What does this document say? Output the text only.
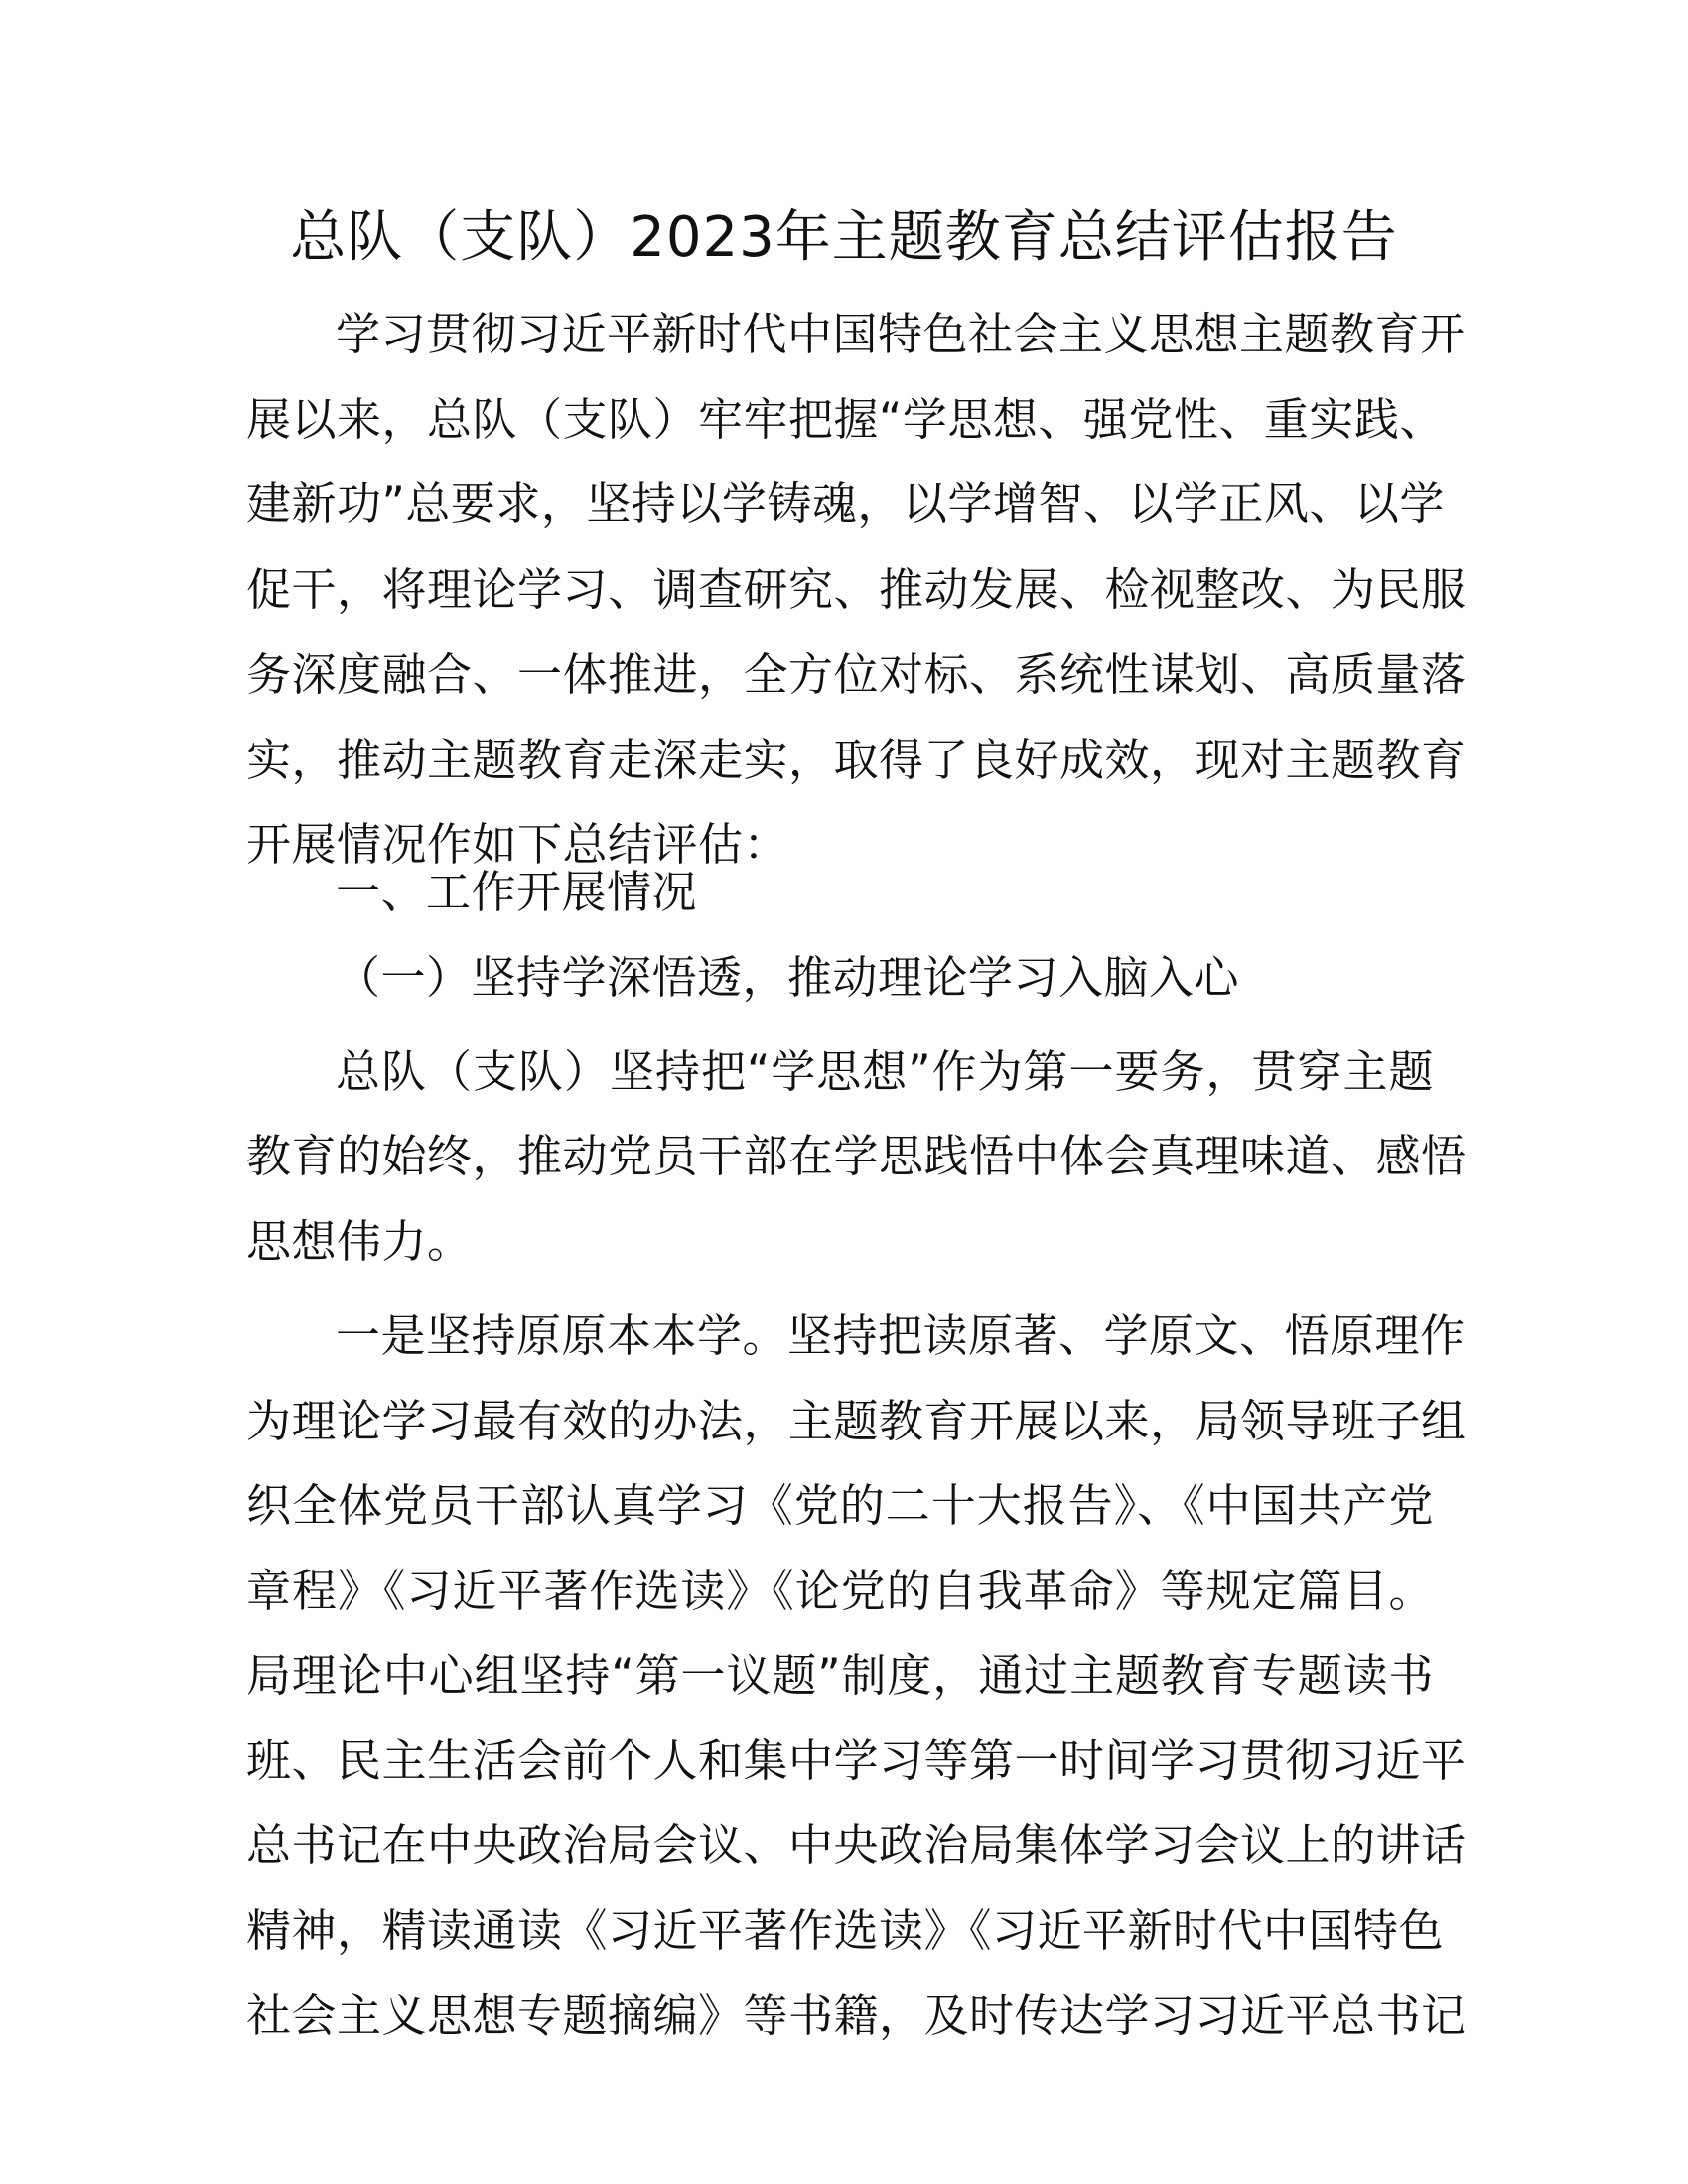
总队（支队）2023年主题教育总结评估报告
学习贯彻习近平新时代中国特色社会主义思想主题教育开
展以来，总队（支队）牢牢把握“学思想、强党性、重实践、
建新功”总要求，坚持以学铸魂，以学增智、以学正风、以学
促干，将理论学习、调查研究、推动发展、检视整改、为民服
务深度融合、一体推进，全方位对标、系统性谋划、高质量落
实，推动主题教育走深走实，取得了良好成效，现对主题教育
开展情况作如下总结评估：
一、工作开展情况
（一）坚持学深悟透，推动理论学习入脑入心
总队（支队）坚持把“学思想”作为第一要务，贯穿主题
教育的始终，推动党员干部在学思践悟中体会真理味道、感悟
思想伟力。
一是坚持原原本本学。坚持把读原著、学原文、悟原理作
为理论学习最有效的办法，主题教育开展以来，局领导班子组
织全体党员干部认真学习《党的二十大报告》、《中国共产党
章程》《习近平著作选读》《论党的自我革命》等规定篇目。
局理论中心组坚持“第一议题”制度，通过主题教育专题读书
班、民主生活会前个人和集中学习等第一时间学习贯彻习近平
总书记在中央政治局会议、中央政治局集体学习会议上的讲话
精神，精读通读《习近平著作选读》《习近平新时代中国特色
社会主义思想专题摘编》等书籍，及时传达学习习近平总书记
